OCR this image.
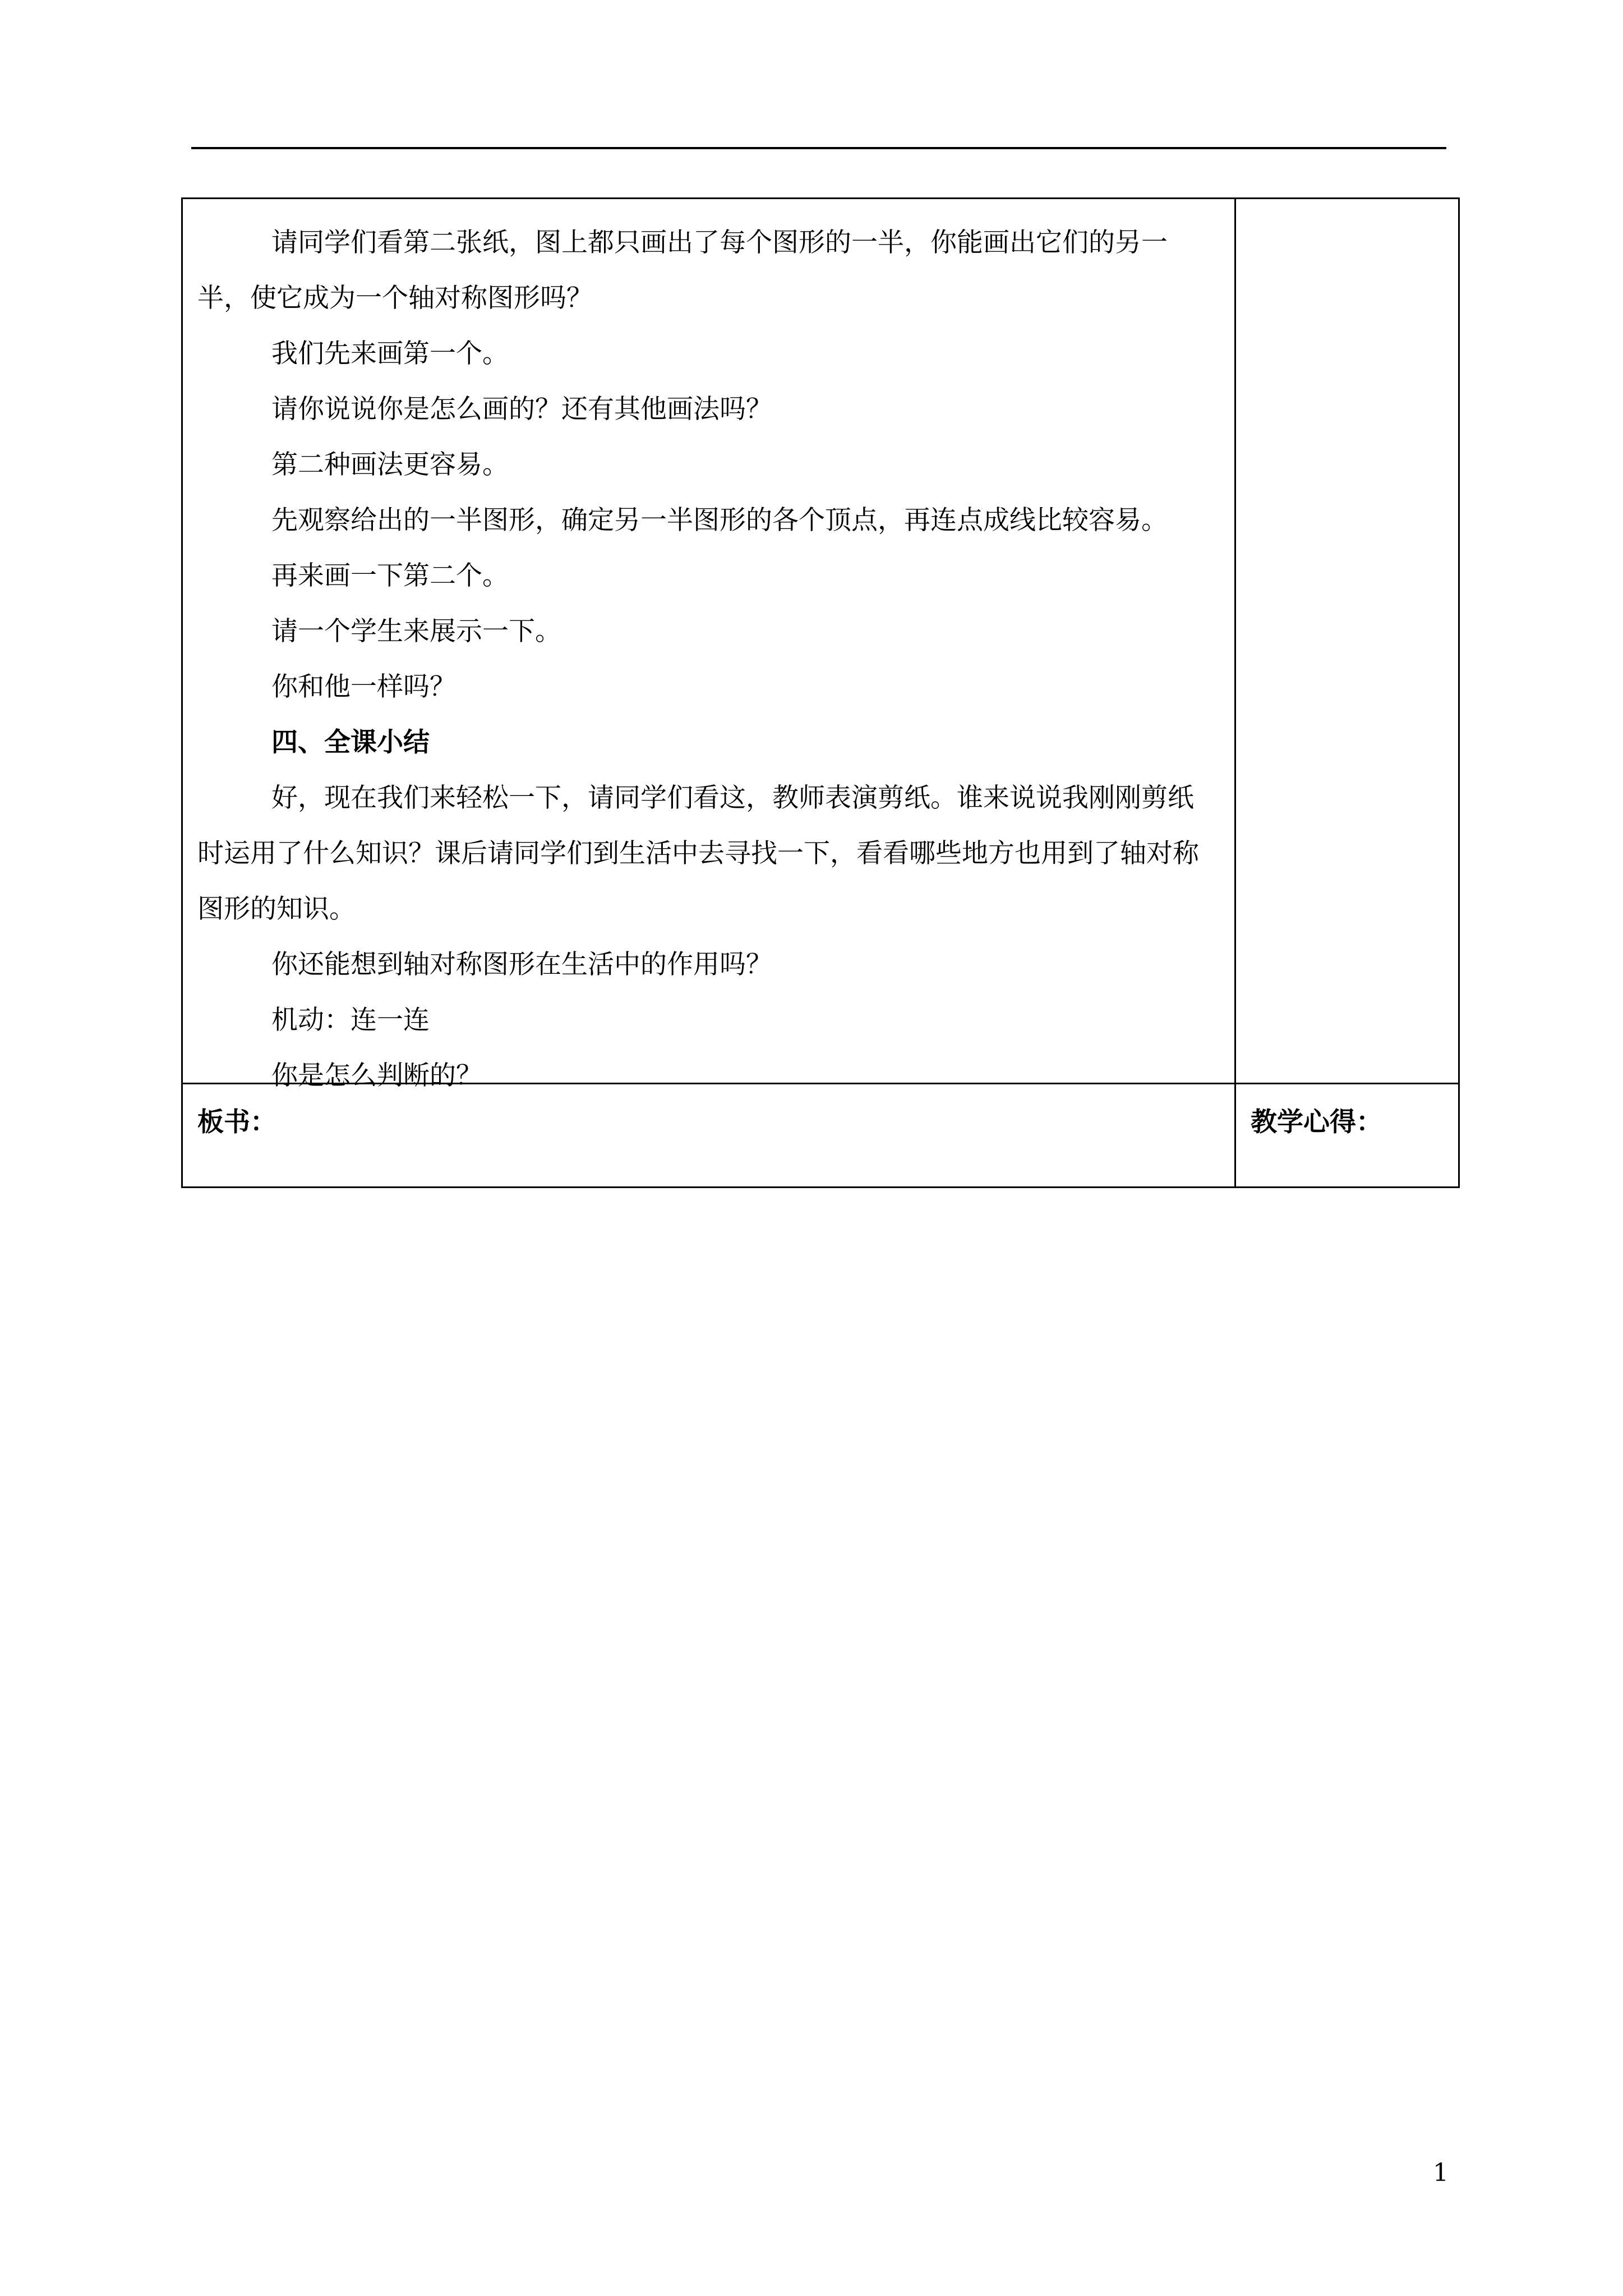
请同学们看第二张纸，图上都只画出了每个图形的一半，你能画出它们的另一半，使它成为一个轴对称图形吗？

我们先来画第一个。

请你说说你是怎么画的？还有其他画法吗？

第二种画法更容易。

先观察给出的一半图形，确定另一半图形的各个顶点，再连点成线比较容易。

再来画一下第二个。

请一个学生来展示一下。

你和他一样吗？

四、全课小结

好，现在我们来轻松一下，请同学们看这，教师表演剪纸。谁来说说我刚刚剪纸时运用了什么知识？课后请同学们到生活中去寻找一下，看看哪些地方也用到了轴对称图形的知识。

你还能想到轴对称图形在生活中的作用吗？

机动：连一连

你是怎么判断的？

板书：	教学心得：
1
